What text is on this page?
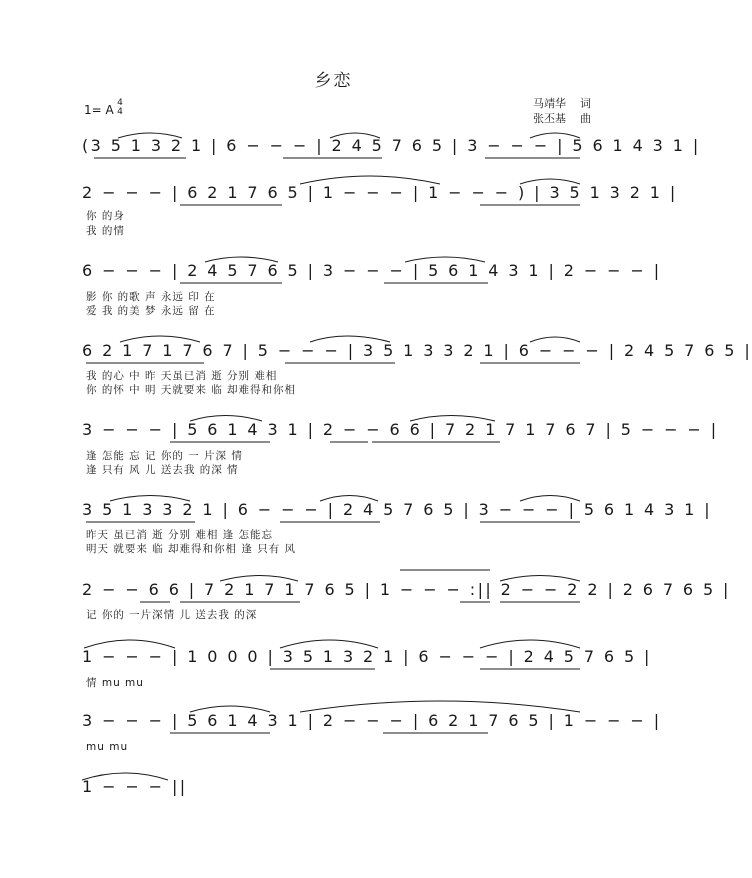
乡恋
1= A 4
4
马靖华 词
张丕基 曲
(3 5 1 3 2 1 | 6 − − − | 2 4 5 7 6 5 | 3 − − − | 5 6 1 4 3 1 |
2 − − − | 6 2 1 7 6 5 | 1 − − − | 1 − − − ) | 3 5 1 3 2 1 |
你 的身
我 的情
6 − − − | 2 4 5 7 6 5 | 3 − − − | 5 6 1 4 3 1 | 2 − − − |
影 你 的歌 声 永远 印 在
爱 我 的美 梦 永远 留 在
6 2 1 7 1 7 6 7 | 5 − − − | 3 5 1 3 3 2 1 | 6 − − − | 2 4 5 7 6 5 |
我 的心 中 昨 天虽已消 逝 分别 难相
你 的怀 中 明 天就要来 临 却难得和你相
3 − − − | 5 6 1 4 3 1 | 2 − − 6 6 | 7 2 1 7 1 7 6 7 | 5 − − − |
逢 怎能 忘 记 你的 一 片深 情
逢 只有 风 儿 送去我 的深 情
3 5 1 3 3 2 1 | 6 − − − | 2 4 5 7 6 5 | 3 − − − | 5 6 1 4 3 1 |
昨天 虽已消 逝 分别 难相 逢 怎能忘
明天 就要来 临 却难得和你相 逢 只有 风
2 − − 6 6 | 7 2 1 7 1 7 6 5 | 1 − − − :|| 2 − − 2 2 | 2 6 7 6 5 |
记 你的 一片深情 儿 送去我 的深
1 − − − | 1 0 0 0 | 3 5 1 3 2 1 | 6 − − − | 2 4 5 7 6 5 |
情 mu mu
3 − − − | 5 6 1 4 3 1 | 2 − − − | 6 2 1 7 6 5 | 1 − − − |
mu mu
1 − − − ||
